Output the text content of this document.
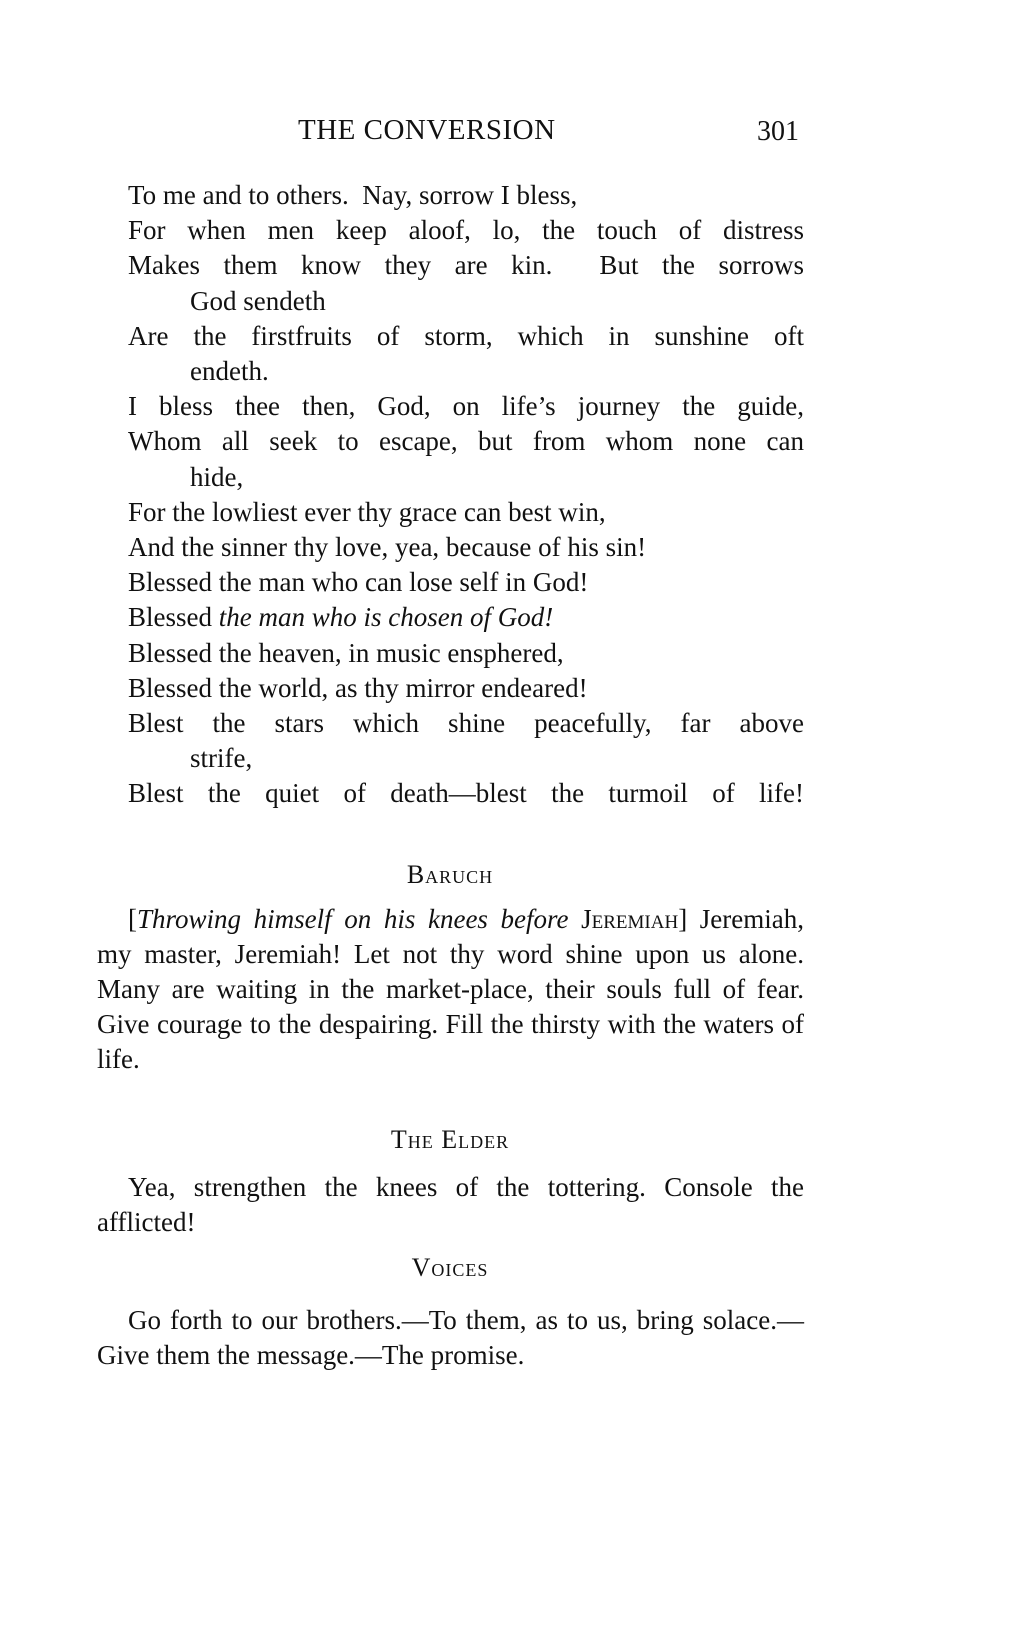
THE CONVERSION	301
To me and to others.  Nay, sorrow I bless,
For when men keep aloof, lo, the touch of distress
Makes them know they are kin.  But the sorrows
God sendeth
Are the firstfruits of storm, which in sunshine oft
endeth.
I bless thee then, God, on life’s journey the guide,
Whom all seek to escape, but from whom none can
hide,
For the lowliest ever thy grace can best win,
And the sinner thy love, yea, because of his sin!
Blessed the man who can lose self in God!
Blessed the man who is chosen of God!
Blessed the heaven, in music ensphered,
Blessed the world, as thy mirror endeared!
Blest the stars which shine peacefully, far above
strife,
Blest the quiet of death—blest the turmoil of life!
Baruch

[Throwing himself on his knees before Jeremiah] Jeremiah, my master, Jeremiah! Let not thy word shine upon us alone. Many are waiting in the market-place, their souls full of fear. Give courage to the despairing. Fill the thirsty with the waters of life.

The Elder

Yea, strengthen the knees of the tottering. Console the afflicted!

Voices

Go forth to our brothers.—To them, as to us, bring solace.—Give them the message.—The promise.
